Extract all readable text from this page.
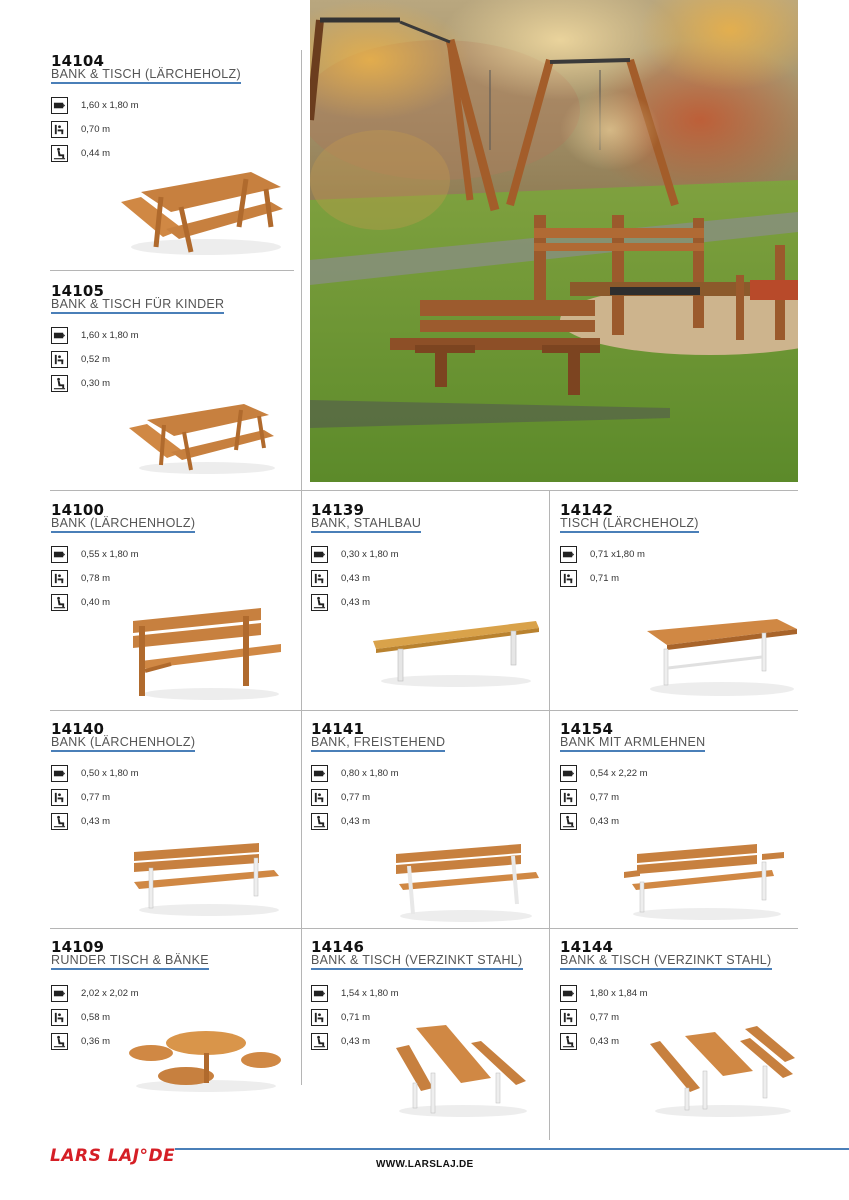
14104
BANK & TISCH (LÄRCHEHOLZ)
1,60 x 1,80 m
0,70 m
0,44 m
14105
BANK & TISCH FÜR KINDER
1,60 x 1,80 m
0,52 m
0,30 m
14100
BANK (LÄRCHENHOLZ)
0,55 x 1,80 m
0,78 m
0,40 m
14139
BANK, STAHLBAU
0,30 x 1,80 m
0,43 m
0,43 m
14142
TISCH (LÄRCHEHOLZ)
0,71 x1,80 m
0,71 m
14140
BANK (LÄRCHENHOLZ)
0,50 x 1,80 m
0,77 m
0,43 m
14141
BANK, FREISTEHEND
0,80 x 1,80 m
0,77 m
0,43 m
14154
BANK MIT ARMLEHNEN
0,54 x 2,22 m
0,77 m
0,43 m
14109
RUNDER TISCH & BÄNKE
2,02 x 2,02 m
0,58 m
0,36 m
14146
BANK & TISCH (VERZINKT STAHL)
1,54 x 1,80 m
0,71 m
0,43 m
14144
BANK & TISCH (VERZINKT STAHL)
1,80 x 1,84 m
0,77 m
0,43 m
LARS LAJ°DE	WWW.LARSLAJ.DE
